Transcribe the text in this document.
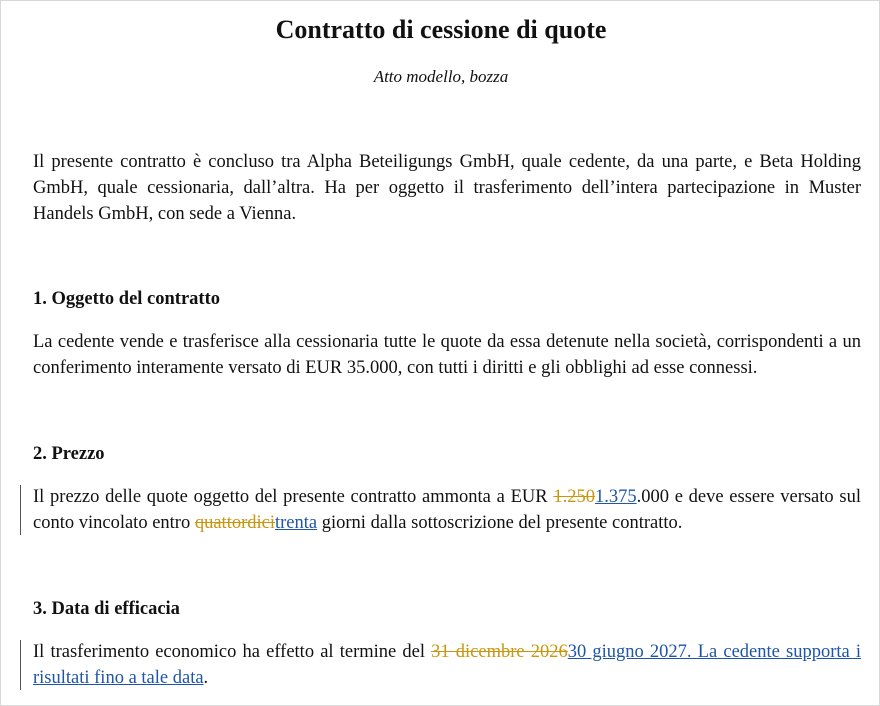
Contratto di cessione di quote
Atto modello, bozza

Il presente contratto è concluso tra Alpha Beteiligungs GmbH, quale cedente, da una parte, e Beta Holding GmbH, quale cessionaria, dall’altra. Ha per oggetto il trasferimento dell’intera partecipazione in Muster Handels GmbH, con sede a Vienna.

1. Oggetto del contratto

La cedente vende e trasferisce alla cessionaria tutte le quote da essa detenute nella società, corrispondenti a un conferimento interamente versato di EUR 35.000, con tutti i diritti e gli obblighi ad esse connessi.

2. Prezzo

Il prezzo delle quote oggetto del presente contratto ammonta a EUR 1.2501.375.000 e deve essere versato sul conto vincolato entro quattordicitrenta giorni dalla sottoscrizione del presente contratto.

3. Data di efficacia

Il trasferimento economico ha effetto al termine del 31 dicembre 202630 giugno 2027. La cedente supporta i risultati fino a tale data.
